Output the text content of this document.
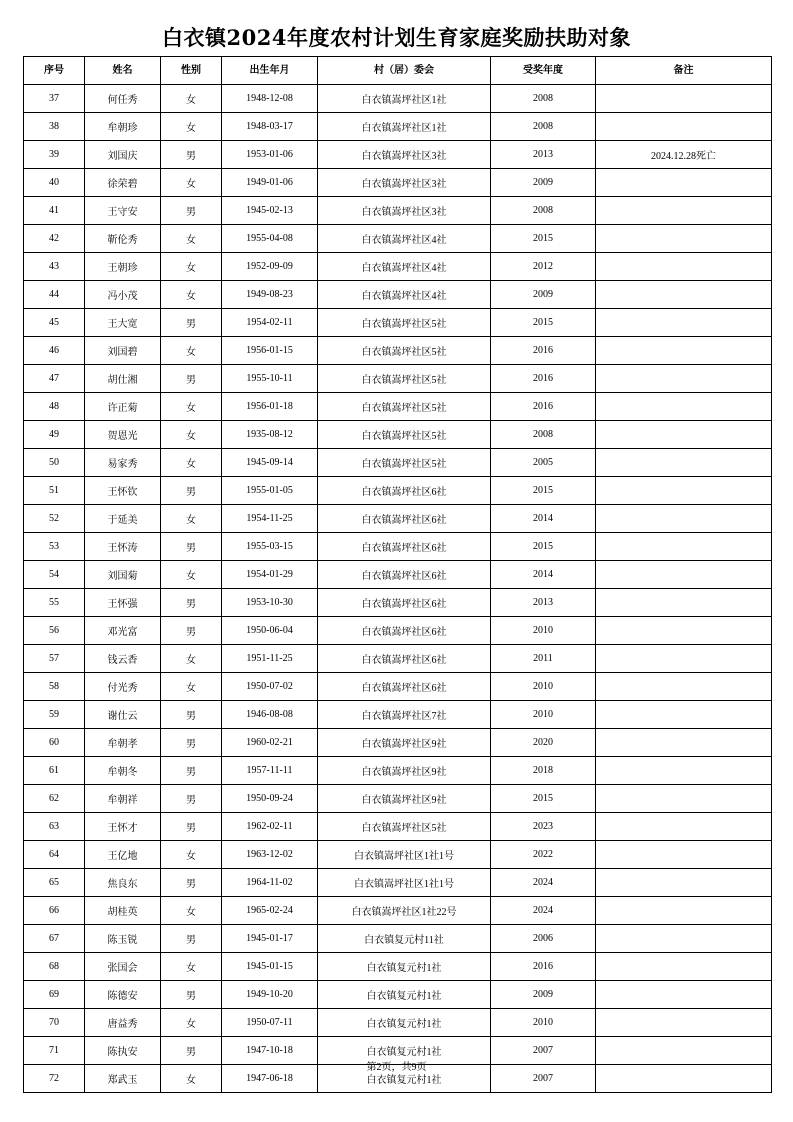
白衣镇2024年度农村计划生育家庭奖励扶助对象
序号	姓名	性别	出生年月	村（居）委会	受奖年度	备注
37	何任秀	女	1948-12-08	白衣镇嵩坪社区1社	2008	
38	牟朝珍	女	1948-03-17	白衣镇嵩坪社区1社	2008	
39	刘国庆	男	1953-01-06	白衣镇嵩坪社区3社	2013	2024.12.28死亡
40	徐荣碧	女	1949-01-06	白衣镇嵩坪社区3社	2009	
41	王守安	男	1945-02-13	白衣镇嵩坪社区3社	2008	
42	靳伦秀	女	1955-04-08	白衣镇嵩坪社区4社	2015	
43	王朝珍	女	1952-09-09	白衣镇嵩坪社区4社	2012	
44	冯小茂	女	1949-08-23	白衣镇嵩坪社区4社	2009	
45	王大宽	男	1954-02-11	白衣镇嵩坪社区5社	2015	
46	刘国碧	女	1956-01-15	白衣镇嵩坪社区5社	2016	
47	胡仕湘	男	1955-10-11	白衣镇嵩坪社区5社	2016	
48	许正菊	女	1956-01-18	白衣镇嵩坪社区5社	2016	
49	贺恩光	女	1935-08-12	白衣镇嵩坪社区5社	2008	
50	易家秀	女	1945-09-14	白衣镇嵩坪社区5社	2005	
51	王怀钦	男	1955-01-05	白衣镇嵩坪社区6社	2015	
52	于延美	女	1954-11-25	白衣镇嵩坪社区6社	2014	
53	王怀涛	男	1955-03-15	白衣镇嵩坪社区6社	2015	
54	刘国菊	女	1954-01-29	白衣镇嵩坪社区6社	2014	
55	王怀强	男	1953-10-30	白衣镇嵩坪社区6社	2013	
56	邓光富	男	1950-06-04	白衣镇嵩坪社区6社	2010	
57	钱云香	女	1951-11-25	白衣镇嵩坪社区6社	2011	
58	付光秀	女	1950-07-02	白衣镇嵩坪社区6社	2010	
59	谢仕云	男	1946-08-08	白衣镇嵩坪社区7社	2010	
60	牟朝孝	男	1960-02-21	白衣镇嵩坪社区9社	2020	
61	牟朝冬	男	1957-11-11	白衣镇嵩坪社区9社	2018	
62	牟朝祥	男	1950-09-24	白衣镇嵩坪社区9社	2015	
63	王怀才	男	1962-02-11	白衣镇嵩坪社区5社	2023	
64	王亿地	女	1963-12-02	白衣镇嵩坪社区1社1号	2022	
65	焦良东	男	1964-11-02	白衣镇嵩坪社区1社1号	2024	
66	胡桂英	女	1965-02-24	白衣镇嵩坪社区1社22号	2024	
67	陈玉锐	男	1945-01-17	白衣镇复元村11社	2006	
68	张国会	女	1945-01-15	白衣镇复元村1社	2016	
69	陈德安	男	1949-10-20	白衣镇复元村1社	2009	
70	唐益秀	女	1950-07-11	白衣镇复元村1社	2010	
71	陈执安	男	1947-10-18	白衣镇复元村1社	2007	
72	郑武玉	女	1947-06-18	白衣镇复元村1社	2007	
第2页，共9页
